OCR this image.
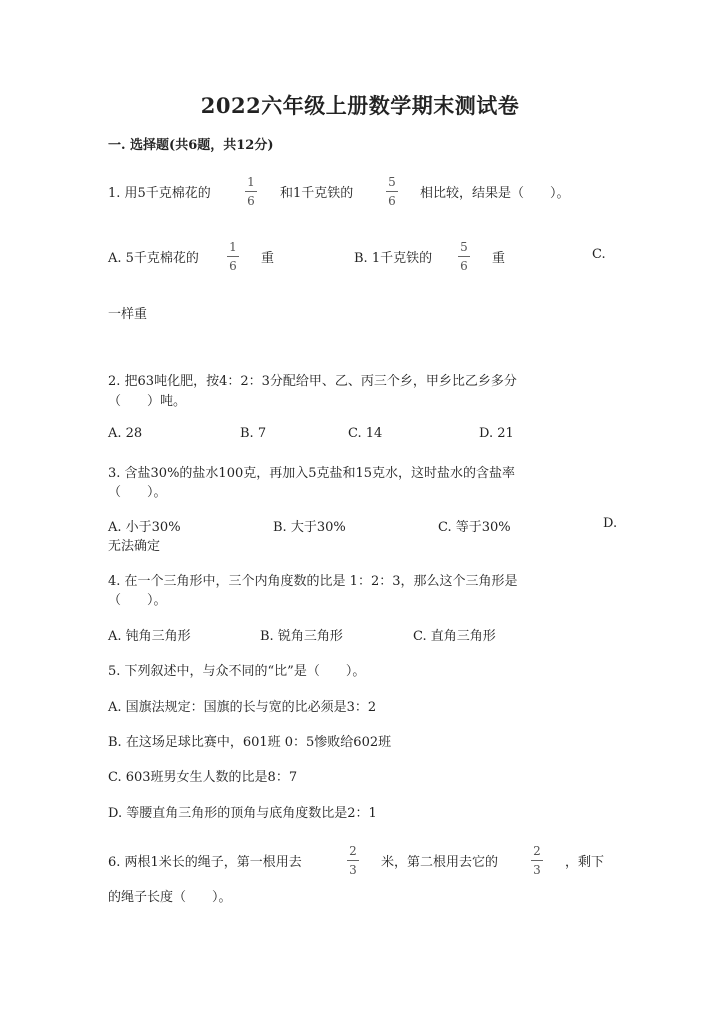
2022六年级上册数学期末测试卷
一. 选择题(共6题，共12分)
1. 用5千克棉花的
1
6 和1千克铁的
5
6 相比较，结果是（　　）。
A. 5千克棉花的
1
6 重	B. 1千克铁的
5
6 重	C.
一样重
2. 把63吨化肥，按4：2：3分配给甲、乙、丙三个乡，甲乡比乙乡多分
（　　）吨。
A. 28	B. 7	C. 14	D. 21
3. 含盐30%的盐水100克，再加入5克盐和15克水，这时盐水的含盐率
（　　）。
A. 小于30%	B. 大于30%	C. 等于30%	D.
无法确定
4. 在一个三角形中，三个内角度数的比是 1：2：3，那么这个三角形是
（　　）。
A. 钝角三角形	B. 锐角三角形	C. 直角三角形
5. 下列叙述中，与众不同的“比”是（　　）。
A. 国旗法规定：国旗的长与宽的比必须是3：2
B. 在这场足球比赛中，601班 0：5惨败给602班
C. 603班男女生人数的比是8：7
D. 等腰直角三角形的顶角与底角度数比是2：1
6. 两根1米长的绳子，第一根用去
2
3 米，第二根用去它的
2
3 ，剩下
的绳子长度（　　）。
